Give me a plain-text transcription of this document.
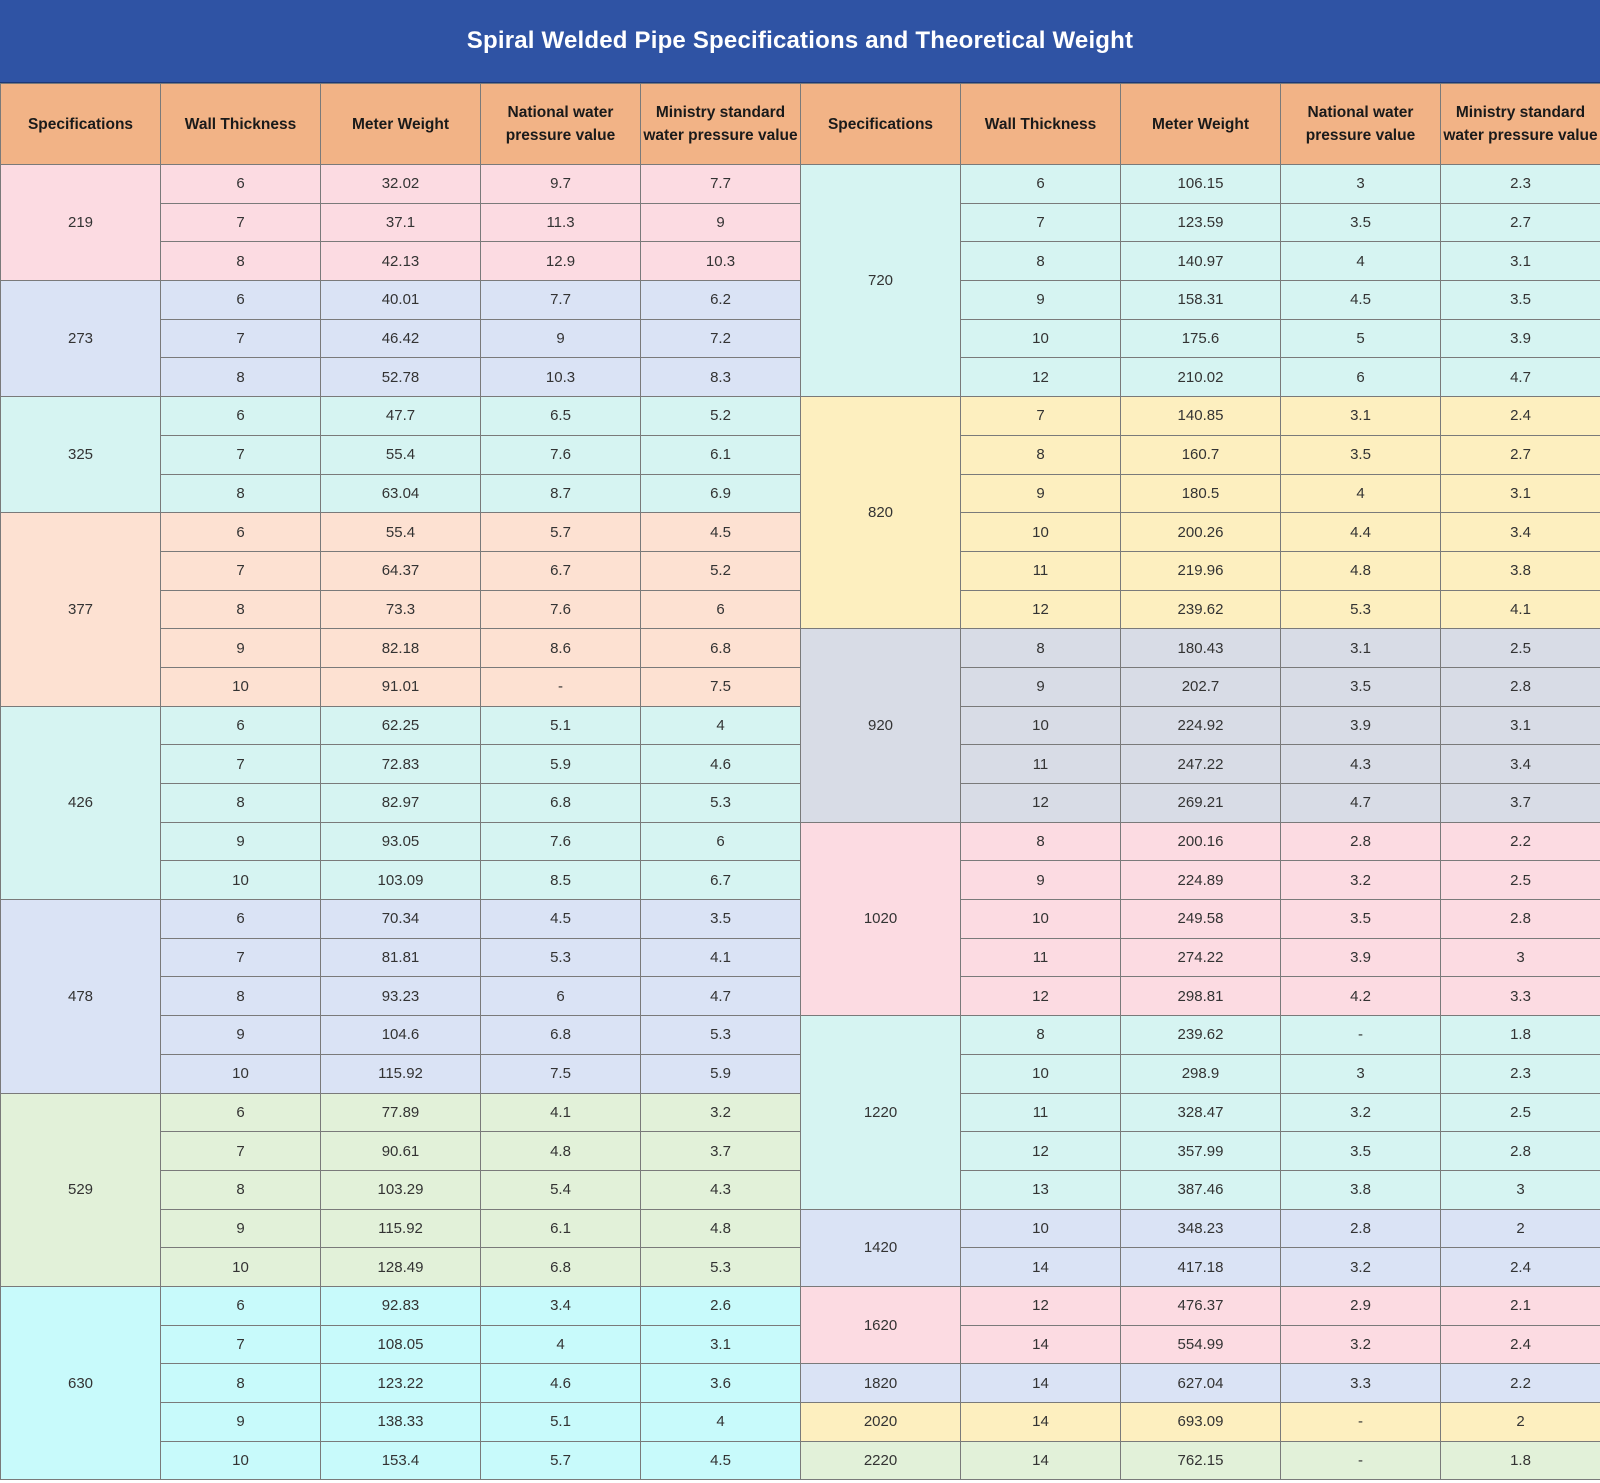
Spiral Welded Pipe Specifications and Theoretical Weight
Specifications	Wall Thickness	Meter Weight	National water pressure value	Ministry standard water pressure value	Specifications	Wall Thickness	Meter Weight	National water pressure value	Ministry standard water pressure value
219	6	32.02	9.7	7.7	720	6	106.15	3	2.3
	7	37.1	11.3	9		7	123.59	3.5	2.7
	8	42.13	12.9	10.3		8	140.97	4	3.1
273	6	40.01	7.7	6.2		9	158.31	4.5	3.5
	7	46.42	9	7.2		10	175.6	5	3.9
	8	52.78	10.3	8.3		12	210.02	6	4.7
325	6	47.7	6.5	5.2	820	7	140.85	3.1	2.4
	7	55.4	7.6	6.1		8	160.7	3.5	2.7
	8	63.04	8.7	6.9		9	180.5	4	3.1
377	6	55.4	5.7	4.5		10	200.26	4.4	3.4
	7	64.37	6.7	5.2		11	219.96	4.8	3.8
	8	73.3	7.6	6		12	239.62	5.3	4.1
	9	82.18	8.6	6.8	920	8	180.43	3.1	2.5
	10	91.01	-	7.5		9	202.7	3.5	2.8
426	6	62.25	5.1	4		10	224.92	3.9	3.1
	7	72.83	5.9	4.6		11	247.22	4.3	3.4
	8	82.97	6.8	5.3		12	269.21	4.7	3.7
	9	93.05	7.6	6	1020	8	200.16	2.8	2.2
	10	103.09	8.5	6.7		9	224.89	3.2	2.5
478	6	70.34	4.5	3.5		10	249.58	3.5	2.8
	7	81.81	5.3	4.1		11	274.22	3.9	3
	8	93.23	6	4.7		12	298.81	4.2	3.3
	9	104.6	6.8	5.3	1220	8	239.62	-	1.8
	10	115.92	7.5	5.9		10	298.9	3	2.3
529	6	77.89	4.1	3.2		11	328.47	3.2	2.5
	7	90.61	4.8	3.7		12	357.99	3.5	2.8
	8	103.29	5.4	4.3		13	387.46	3.8	3
	9	115.92	6.1	4.8	1420	10	348.23	2.8	2
	10	128.49	6.8	5.3		14	417.18	3.2	2.4
630	6	92.83	3.4	2.6	1620	12	476.37	2.9	2.1
	7	108.05	4	3.1		14	554.99	3.2	2.4
	8	123.22	4.6	3.6	1820	14	627.04	3.3	2.2
	9	138.33	5.1	4	2020	14	693.09	-	2
	10	153.4	5.7	4.5	2220	14	762.15	-	1.8
